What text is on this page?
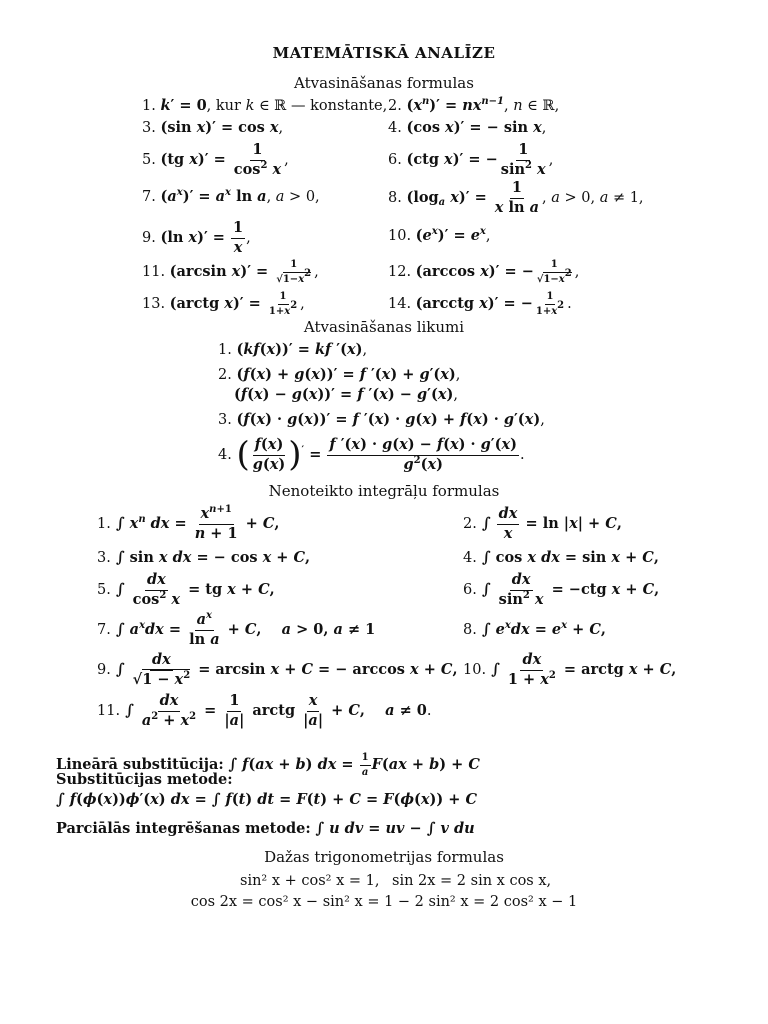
MATEMĀTISKĀ ANALĪZE
Atvasināšanas formulas
1. k′ = 0, kur k ∈ ℝ — konstante, 2. $(x^n)' = nx^{n-1}$, n ∈ ℝ,
3. (sin x)′ = cos x,	4. (cos x)′ = − sin x,
5. (tg $x)' = \frac{1}{\cos^2 x}$ ,	6. (ctg x)′ = − $\frac{1}{\sin^2 x}$ ,
7. $(a^x)' = a^x$ ln a, a > 0,	8. ($\log_a$ $x)' = \frac{1}{\text{x ln a}}$ , a > 0, a ≠ 1,
9. (ln $x)' = \frac{1}{x}$ ,	10. $(e^x)' = e^x$,
11. (arcsin $x)' = \frac{1}{√1-x^2}$ ,	12. (arccos x)′ = − $\frac{1}{√1-x^2}$ ,
13. (arctg $x)' = \frac{1}{1+x^2}$ ,	14. (arcctg x)′ = − $\frac{1}{1+x^2}$ .
Atvasināšanas likumi
1. (kf(x))′ = kf ′(x),
2. (f(x) + g(x))′ = f ′(x) + g′(x),
(f(x) − g(x))′ = f ′(x) − g′(x),
3. (f(x) · g(x))′ = f ′(x) · g(x) + f(x) · g′(x),
4. ( $\frac{f(x)}{g(x)} )' = \frac{f '(x) \cdot g(x) - f(x) \cdot g'(x)}{g^2(x)}$ .
Nenoteikto integrāļu formulas
1. ∫ $x^n$ dx = $\frac{x^{n+1}}{n + 1} + C$,	2. ∫ $\frac{dx}{x} = \ln |x| + C$,
3. ∫ sin x dx = − cos x + C,	4. ∫ cos x dx = sin x + C,
5. ∫ $\frac{dx}{\cos^2 x}$ = tg x + C,	6. ∫ $\frac{dx}{\sin^2 x} = -ctg$ x + C,
7. ∫ $a^xdx = \frac{a^x}{\text{ln a}} + C$,    a > 0, a ≠ 1	8. ∫ $e^xdx = e^x + C$,
9. ∫ $\frac{dx}{√1 - x^2} = \arcsin x + C$ = − arccos x + C, 10. ∫ $\frac{dx}{1 + x^2}$ = arctg x + C,
11. ∫ $\frac{dx}{a^2 + x^2} = \frac{1}{|a|}$ arctg $\frac{x}{|a|} + C$,    a ≠ 0.
Lineārā substitūcija: ∫ f(ax + b) dx = $\frac{1}{a} F(ax + b) + C$
Substitūcijas metode:
∫ f(ϕ(x))ϕ′(x) dx = ∫ f(t) dt = F(t) + C = F(ϕ(x)) + C
Parciālās integrēšanas metode: ∫ u dv = uv − ∫ v du
Dažas trigonometrijas formulas
sin² x + cos² x = 1, sin 2x = 2 sin x cos x,
cos 2x = cos² x − sin² x = 1 − 2 sin² x = 2 cos² x − 1
